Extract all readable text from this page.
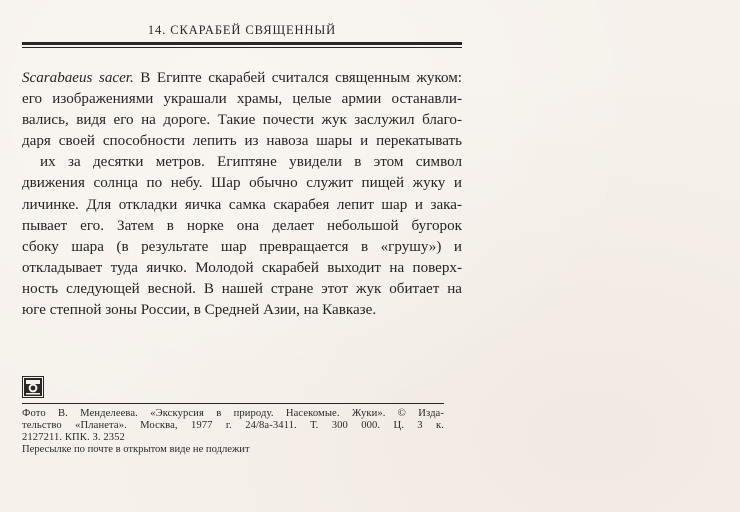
14. СКАРАБЕЙ СВЯЩЕННЫЙ
Scarabaeus sacer. В Египте скарабей считался священным жуком:
его изображениями украшали храмы, целые армии останавли-
вались, видя его на дороге. Такие почести жук заслужил благо-
даря своей способности лепить из навоза шары и перекатывать
их за десятки метров. Египтяне увидели в этом символ
движения солнца по небу. Шар обычно служит пищей жуку и
личинке. Для откладки яичка самка скарабея лепит шар и зака-
пывает его. Затем в норке она делает небольшой бугорок
сбоку шара (в результате шар превращается в «грушу») и
откладывает туда яичко. Молодой скарабей выходит на поверх-
ность следующей весной. В нашей стране этот жук обитает на
юге степной зоны России, в Средней Азии, на Кавказе.
Фото В. Менделеева. «Экскурсия в природу. Насекомые. Жуки». © Изда-
тельство «Планета». Москва, 1977 г. 24/8а-3411. Т. 300 000. Ц. 3 к.
2127211. КПК. З. 2352
Пересылке по почте в открытом виде не подлежит
